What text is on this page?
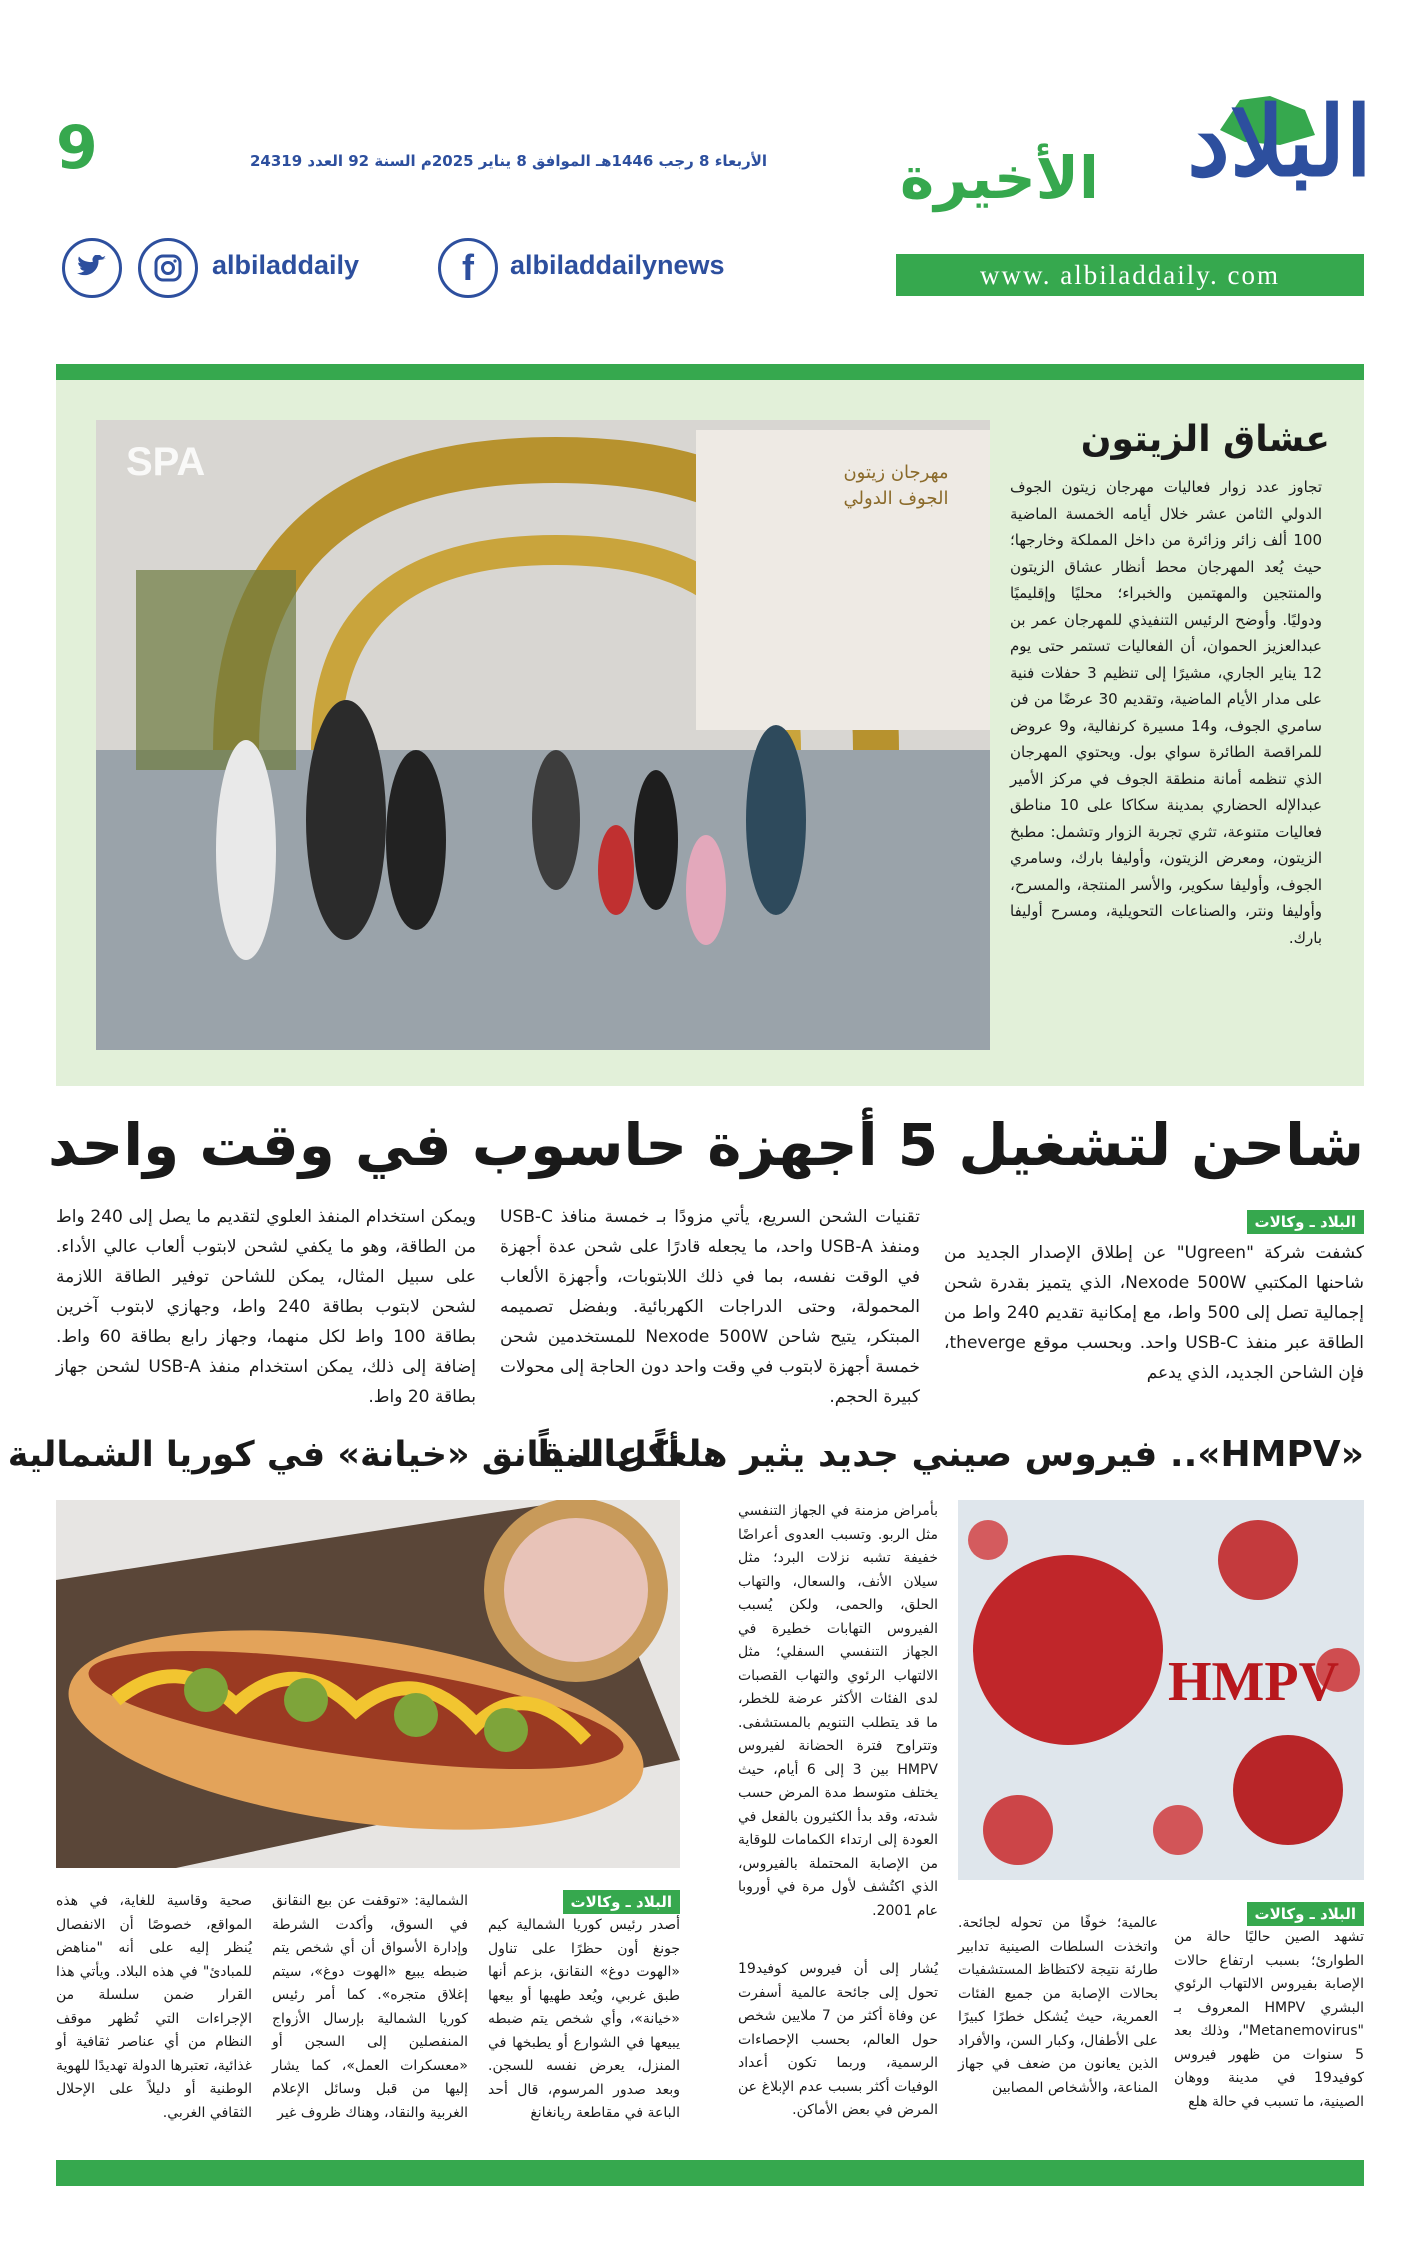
9	الأربعاء 8 رجب 1446هـ الموافق 8 يناير 2025م السنة 92 العدد 24319	البلاد
الأخيرة
albiladdaily	f	albiladdailynews	www. albiladdaily. com
SPA	مهرجان زيتون الجوف الدولي
عشاق الزيتون
تجاوز عدد زوار فعاليات مهرجان زيتون الجوف الدولي الثامن عشر خلال أيامه الخمسة الماضية 100 ألف زائر وزائرة من داخل المملكة وخارجها؛ حيث يُعد المهرجان محط أنظار عشاق الزيتون والمنتجين والمهتمين والخبراء؛ محليًا وإقليميًا ودوليًا. وأوضح الرئيس التنفيذي للمهرجان عمر بن عبدالعزيز الحموان، أن الفعاليات تستمر حتى يوم 12 يناير الجاري، مشيرًا إلى تنظيم 3 حفلات فنية على مدار الأيام الماضية، وتقديم 30 عرضًا من فن سامري الجوف، و14 مسيرة كرنفالية، و9 عروض للمراقصة الطائرة سواي بول. ويحتوي المهرجان الذي تنظمه أمانة منطقة الجوف في مركز الأمير عبدالإله الحضاري بمدينة سكاكا على 10 مناطق فعاليات متنوعة، تثري تجربة الزوار وتشمل: مطبخ الزيتون، ومعرض الزيتون، وأوليفا بارك، وسامري الجوف، وأوليفا سكوير، والأسر المنتجة، والمسرح، وأوليفا ونتر، والصناعات التحويلية، ومسرح أوليفا بارك.
شاحن لتشغيل 5 أجهزة حاسوب في وقت واحد
البلاد ـ وكالات
كشفت شركة "Ugreen" عن إطلاق الإصدار الجديد من شاحنها المكتبي Nexode 500W، الذي يتميز بقدرة شحن إجمالية تصل إلى 500 واط، مع إمكانية تقديم 240 واط من الطاقة عبر منفذ USB-C واحد. وبحسب موقع theverge، فإن الشاحن الجديد، الذي يدعم
تقنيات الشحن السريع، يأتي مزودًا بـ خمسة منافذ USB-C ومنفذ USB-A واحد، ما يجعله قادرًا على شحن عدة أجهزة في الوقت نفسه، بما في ذلك اللابتوبات، وأجهزة الألعاب المحمولة، وحتى الدراجات الكهربائية. وبفضل تصميمه المبتكر، يتيح شاحن Nexode 500W للمستخدمين شحن خمسة أجهزة لابتوب في وقت واحد دون الحاجة إلى محولات كبيرة الحجم.
ويمكن استخدام المنفذ العلوي لتقديم ما يصل إلى 240 واط من الطاقة، وهو ما يكفي لشحن لابتوب ألعاب عالي الأداء. على سبيل المثال، يمكن للشاحن توفير الطاقة اللازمة لشحن لابتوب بطاقة 240 واط، وجهازي لابتوب آخرين بطاقة 100 واط لكل منهما، وجهاز رابع بطاقة 60 واط. إضافة إلى ذلك، يمكن استخدام منفذ USB-A لشحن جهاز بطاقة 20 واط.
«HMPV».. فيروس صيني جديد يثير هلعاً عالمياً
HMPV
بأمراض مزمنة في الجهاز التنفسي مثل الربو. وتسبب العدوى أعراضًا خفيفة تشبه نزلات البرد؛ مثل سيلان الأنف، والسعال، والتهاب الحلق، والحمى، ولكن يُسبب الفيروس التهابات خطيرة في الجهاز التنفسي السفلي؛ مثل الالتهاب الرئوي والتهاب القصبات لدى الفئات الأكثر عرضة للخطر، ما قد يتطلب التنويم بالمستشفى. وتتراوح فترة الحضانة لفيروس HMPV بين 3 إلى 6 أيام، حيث يختلف متوسط مدة المرض حسب شدته، وقد بدأ الكثيرون بالفعل في العودة إلى ارتداء الكمامات للوقاية من الإصابة المحتملة بالفيروس، الذي اكتُشف لأول مرة في أوروبا عام 2001.	البلاد ـ وكالات
تشهد الصين حاليًا حالة من الطوارئ؛ بسبب ارتفاع حالات الإصابة بفيروس الالتهاب الرئوي البشري HMPV المعروف بـ "Metanemovirus"، وذلك بعد 5 سنوات من ظهور فيروس كوفيد19 في مدينة ووهان الصينية، ما تسبب في حالة هلع
عالمية؛ خوفًا من تحوله لجائحة. واتخذت السلطات الصينية تدابير طارئة نتيجة لاكتظاظ المستشفيات بحالات الإصابة من جميع الفئات العمرية، حيث يُشكل خطرًا كبيرًا على الأطفال، وكبار السن، والأفراد الذين يعانون من ضعف في جهاز المناعة، والأشخاص المصابين
يُشار إلى أن فيروس كوفيد19 تحول إلى جائحة عالمية أسفرت عن وفاة أكثر من 7 ملايين شخص حول العالم، بحسب الإحصاءات الرسمية، وربما تكون أعداد الوفيات أكثر بسبب عدم الإبلاغ عن المرض في بعض الأماكن.
أكل النقانق «خيانة» في كوريا الشمالية
البلاد ـ وكالات
أصدر رئيس كوريا الشمالية كيم جونغ أون حظرًا على تناول «الهوت دوغ» النقانق، بزعم أنها طبق غربي، ويُعد طهيها أو بيعها «خيانة»، وأي شخص يتم ضبطه يبيعها في الشوارع أو يطبخها في المنزل، يعرض نفسه للسجن. وبعد صدور المرسوم، قال أحد الباعة في مقاطعة ريانغانغ
الشمالية: «توقفت عن بيع النقانق في السوق، وأكدت الشرطة وإدارة الأسواق أن أي شخص يتم ضبطه يبيع «الهوت دوغ»، سيتم إغلاق متجره». كما أمر رئيس كوريا الشمالية بإرسال الأزواج المنفصلين إلى السجن أو «معسكرات العمل»، كما يشار إليها من قبل وسائل الإعلام الغربية والنقاد، وهناك ظروف غير
صحية وقاسية للغاية، في هذه المواقع، خصوصًا أن الانفصال يُنظر إليه على أنه "مناهض للمبادئ" في هذه البلاد. ويأتي هذا القرار ضمن سلسلة من الإجراءات التي تُظهر موقف النظام من أي عناصر ثقافية أو غذائية، تعتبرها الدولة تهديدًا للهوية الوطنية أو دليلاً على الإحلال الثقافي الغربي.
